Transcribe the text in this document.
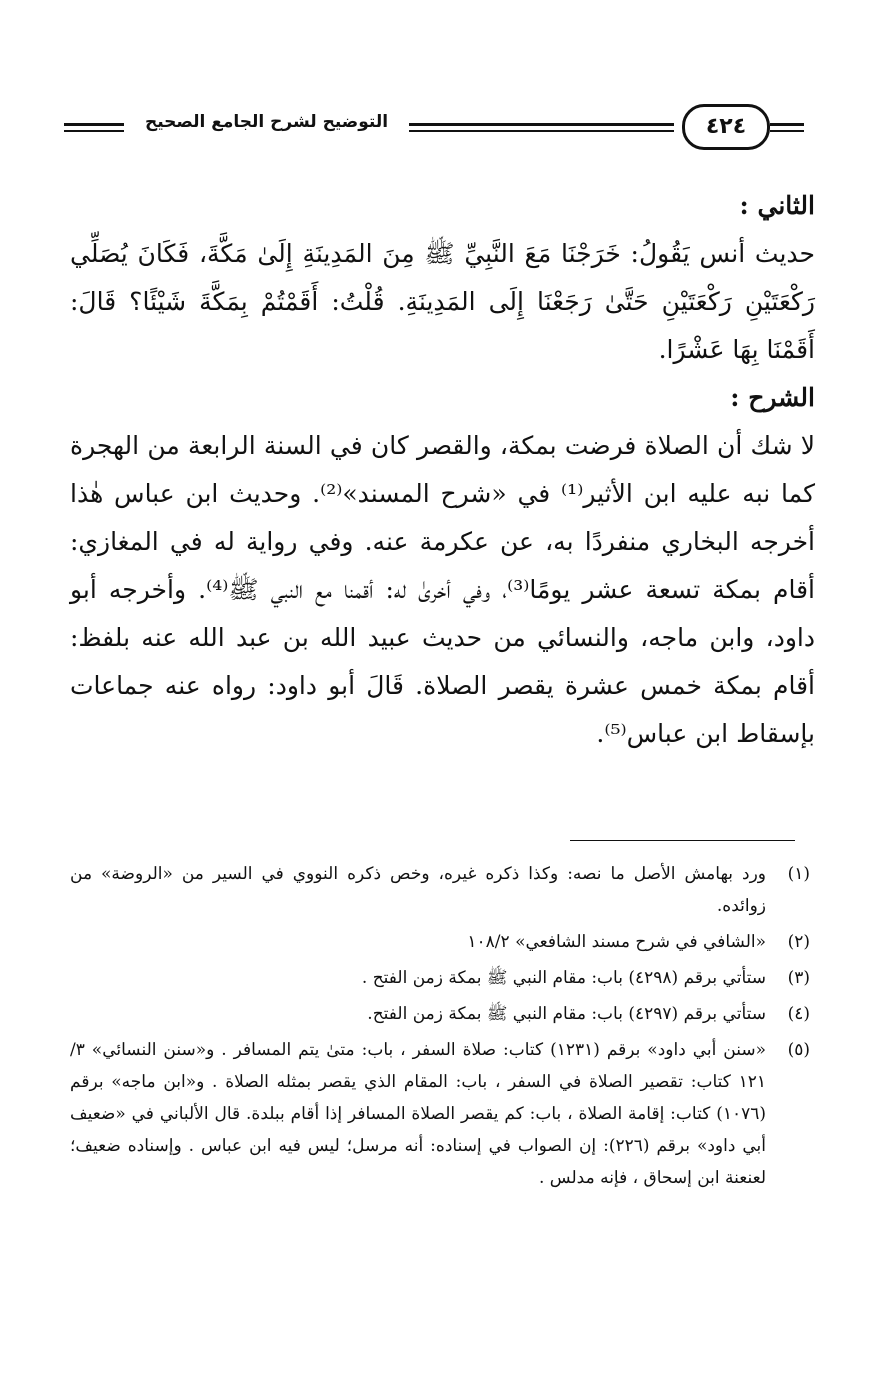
التوضيح لشرح الجامع الصحيح	٤٢٤

الثاني :

حديث أنس يَقُولُ: خَرَجْنَا مَعَ النَّبِيِّ ﷺ مِنَ المَدِينَةِ إِلَىٰ مَكَّةَ، فَكَانَ يُصَلِّي رَكْعَتَيْنِ رَكْعَتَيْنِ حَتَّىٰ رَجَعْنَا إِلَى المَدِينَةِ. قُلْتُ: أَقَمْتُمْ بِمَكَّةَ شَيْئًا؟ قَالَ: أَقَمْنَا بِهَا عَشْرًا.

الشرح :

لا شك أن الصلاة فرضت بمكة، والقصر كان في السنة الرابعة من الهجرة كما نبه عليه ابن الأثير⁽¹⁾ في «شرح المسند»⁽²⁾. وحديث ابن عباس هٰذا أخرجه البخاري منفردًا به، عن عكرمة عنه. وفي رواية له في المغازي: أقام بمكة تسعة عشر يومًا⁽³⁾، وفي أخرىٰ له: أقمنا مع النبي ﷺ⁽⁴⁾. وأخرجه أبو داود، وابن ماجه، والنسائي من حديث عبيد الله بن عبد الله عنه بلفظ: أقام بمكة خمس عشرة يقصر الصلاة. قَالَ أبو داود: رواه عنه جماعات بإسقاط ابن عباس⁽⁵⁾.

(١)
ورد بهامش الأصل ما نصه: وكذا ذكره غيره، وخص ذكره النووي في السير من «الروضة» من زوائده.
(٢)
«الشافي في شرح مسند الشافعي» ١٠٨/٢
(٣)
ستأتي برقم (٤٢٩٨) باب: مقام النبي ﷺ بمكة زمن الفتح .
(٤)
ستأتي برقم (٤٢٩٧) باب: مقام النبي ﷺ بمكة زمن الفتح.
(٥)
«سنن أبي داود» برقم (١٢٣١) كتاب: صلاة السفر ، باب: متىٰ يتم المسافر . و«سنن النسائي» ٣/ ١٢١ كتاب: تقصير الصلاة في السفر ، باب: المقام الذي يقصر بمثله الصلاة . و«ابن ماجه» برقم (١٠٧٦) كتاب: إقامة الصلاة ، باب: كم يقصر الصلاة المسافر إذا أقام ببلدة. قال الألباني في «ضعيف أبي داود» برقم (٢٢٦): إن الصواب في إسناده: أنه مرسل؛ ليس فيه ابن عباس . وإسناده ضعيف؛ لعنعنة ابن إسحاق ، فإنه مدلس .
